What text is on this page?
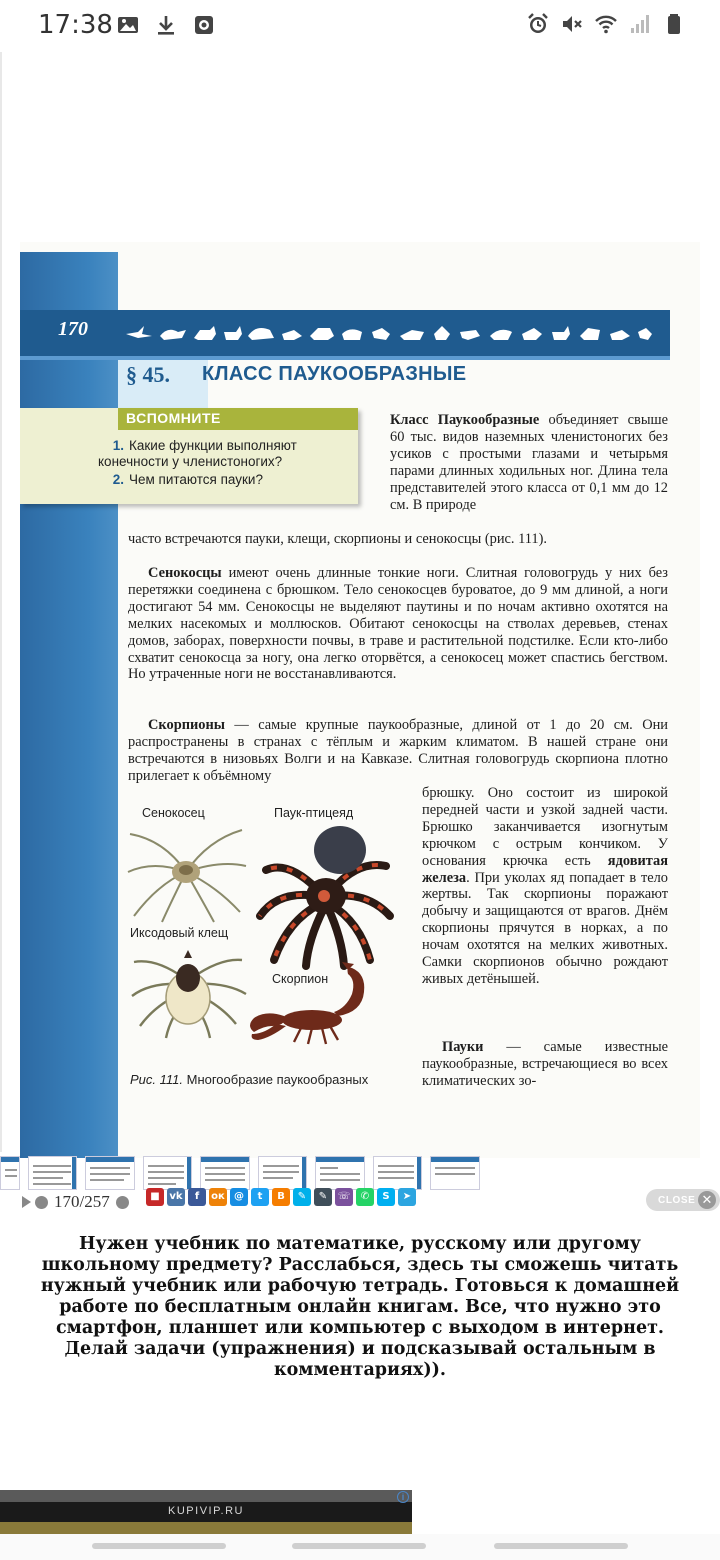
17:38
170
§ 45. КЛАСС ПАУКООБРАЗНЫЕ
ВСПОМНИТЕ
1. Какие функции выполняют конечности у членистоногих?
2. Чем питаются пауки?
Класс Паукообразные объединяет свыше 60 тыс. видов наземных членистоногих без усиков с простыми глазами и четырьмя парами длинных ходильных ног. Длина тела представителей этого класса от 0,1 мм до 12 см. В природе
часто встречаются пауки, клещи, скорпионы и сенокосцы (рис. 111).
Сенокосцы имеют очень длинные тонкие ноги. Слитная головогрудь у них без перетяжки соединена с брюшком. Тело сенокосцев буроватое, до 9 мм длиной, а ноги достигают 54 мм. Сенокосцы не выделяют паутины и по ночам активно охотятся на мелких насекомых и моллюсков. Обитают сенокосцы на стволах деревьев, стенах домов, заборах, поверхности почвы, в траве и растительной подстилке. Если кто-либо схватит сенокосца за ногу, она легко оторвётся, а сенокосец может спастись бегством. Но утраченные ноги не восстанавливаются.
Скорпионы — самые крупные паукообразные, длиной от 1 до 20 см. Они распространены в странах с тёплым и жарким климатом. В нашей стране они встречаются в низовьях Волги и на Кавказе. Слитная головогрудь скорпиона плотно прилегает к объёмному
брюшку. Оно состоит из широкой передней части и узкой задней части. Брюшко заканчивается изогнутым крючком с острым кончиком. У основания крючка есть ядовитая железа. При уколах яд попадает в тело жертвы. Так скорпионы поражают добычу и защищаются от врагов. Днём скорпионы прячутся в норках, а по ночам охотятся на мелких животных. Самки скорпионов обычно рождают живых детёнышей.
Пауки — самые известные паукообразные, встречающиеся во всех климатических зо-
Сенокосец	Паук-птицеяд
Иксодовый клещ
Скорпион
Рис. 111. Многообразие паукообразных
170/257	■ vk	f	ок @	t	B	✎	✎	☏	✆	S	➤	CLOSE ✕
Нужен учебник по математике, русскому или другому школьному предмету? Расслабься, здесь ты сможешь читать нужный учебник или рабочую тетрадь. Готовься к домашней работе по бесплатным онлайн книгам. Все, что нужно это смартфон, планшет или компьютер с выходом в интернет. Делай задачи (упражнения) и подсказывай остальным в комментариях)).
KUPIVIP.RU
i
